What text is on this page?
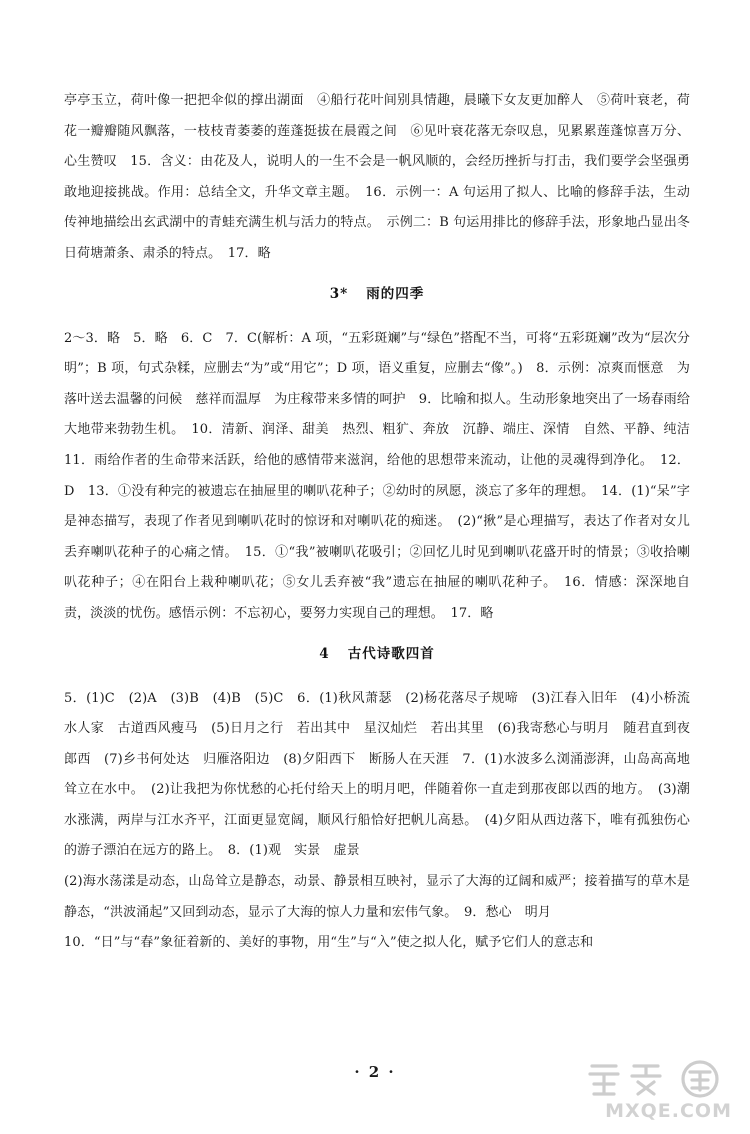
亭亭玉立，荷叶像一把把伞似的撑出湖面　④船行花叶间别具情趣，晨曦下女友更加醉人　⑤荷叶衰老，荷花一瓣瓣随风飘落，一枝枝青萎萎的莲蓬挺拔在晨霞之间　⑥见叶衰花落无奈叹息，见累累莲蓬惊喜万分、心生赞叹　15．含义：由花及人，说明人的一生不会是一帆风顺的，会经历挫折与打击，我们要学会坚强勇敢地迎接挑战。作用：总结全文，升华文章主题。　16．示例一：A 句运用了拟人、比喻的修辞手法，生动传神地描绘出玄武湖中的青蛙充满生机与活力的特点。　示例二：B 句运用排比的修辞手法，形象地凸显出冬日荷塘萧条、肃杀的特点。　17．略

3* 雨的四季

2～3．略　5．略　6．C　7．C(解析：A 项，“五彩斑斓”与“绿色”搭配不当，可将“五彩斑斓”改为“层次分明”；B 项，句式杂糅，应删去“为”或“用它”；D 项，语义重复，应删去“像”。)　8．示例：凉爽而惬意　为落叶送去温馨的问候　慈祥而温厚　为庄稼带来多情的呵护　9．比喻和拟人。生动形象地突出了一场春雨给大地带来勃勃生机。　10．清新、润泽、甜美　热烈、粗犷、奔放　沉静、端庄、深情　自然、平静、纯洁　11．雨给作者的生命带来活跃，给他的感情带来滋润，给他的思想带来流动，让他的灵魂得到净化。　12．D　13．①没有种完的被遗忘在抽屉里的喇叭花种子；②幼时的夙愿，淡忘了多年的理想。　14．(1)“呆”字是神态描写，表现了作者见到喇叭花时的惊讶和对喇叭花的痴迷。　(2)“揪”是心理描写，表达了作者对女儿丢弃喇叭花种子的心痛之情。　15．①“我”被喇叭花吸引；②回忆儿时见到喇叭花盛开时的情景；③收拾喇叭花种子；④在阳台上栽种喇叭花；⑤女儿丢弃被“我”遗忘在抽屉的喇叭花种子。　16．情感：深深地自责，淡淡的忧伤。感悟示例：不忘初心，要努力实现自己的理想。　17．略

4 古代诗歌四首

5．(1)C　(2)A　(3)B　(4)B　(5)C　6．(1)秋风萧瑟　(2)杨花落尽子规啼　(3)江春入旧年　(4)小桥流水人家　古道西风瘦马　(5)日月之行　若出其中　星汉灿烂　若出其里　(6)我寄愁心与明月　随君直到夜郎西　(7)乡书何处达　归雁洛阳边　(8)夕阳西下　断肠人在天涯　7．(1)水波多么浏涌澎湃，山岛高高地耸立在水中。　(2)让我把为你忧愁的心托付给天上的明月吧，伴随着你一直走到那夜郎以西的地方。　(3)潮水涨满，两岸与江水齐平，江面更显宽阔，顺风行船恰好把帆儿高悬。　(4)夕阳从西边落下，唯有孤独伤心的游子漂泊在远方的路上。　8．(1)观　实景　虚景

(2)海水荡漾是动态，山岛耸立是静态，动景、静景相互映衬，显示了大海的辽阔和威严；接着描写的草木是静态，“洪波涌起”又回到动态，显示了大海的惊人力量和宏伟气象。　9．愁心　明月

10．“日”与“春”象征着新的、美好的事物，用“生”与“入”使之拟人化，赋予它们人的意志和

· 2 ·
MXQE.COM
